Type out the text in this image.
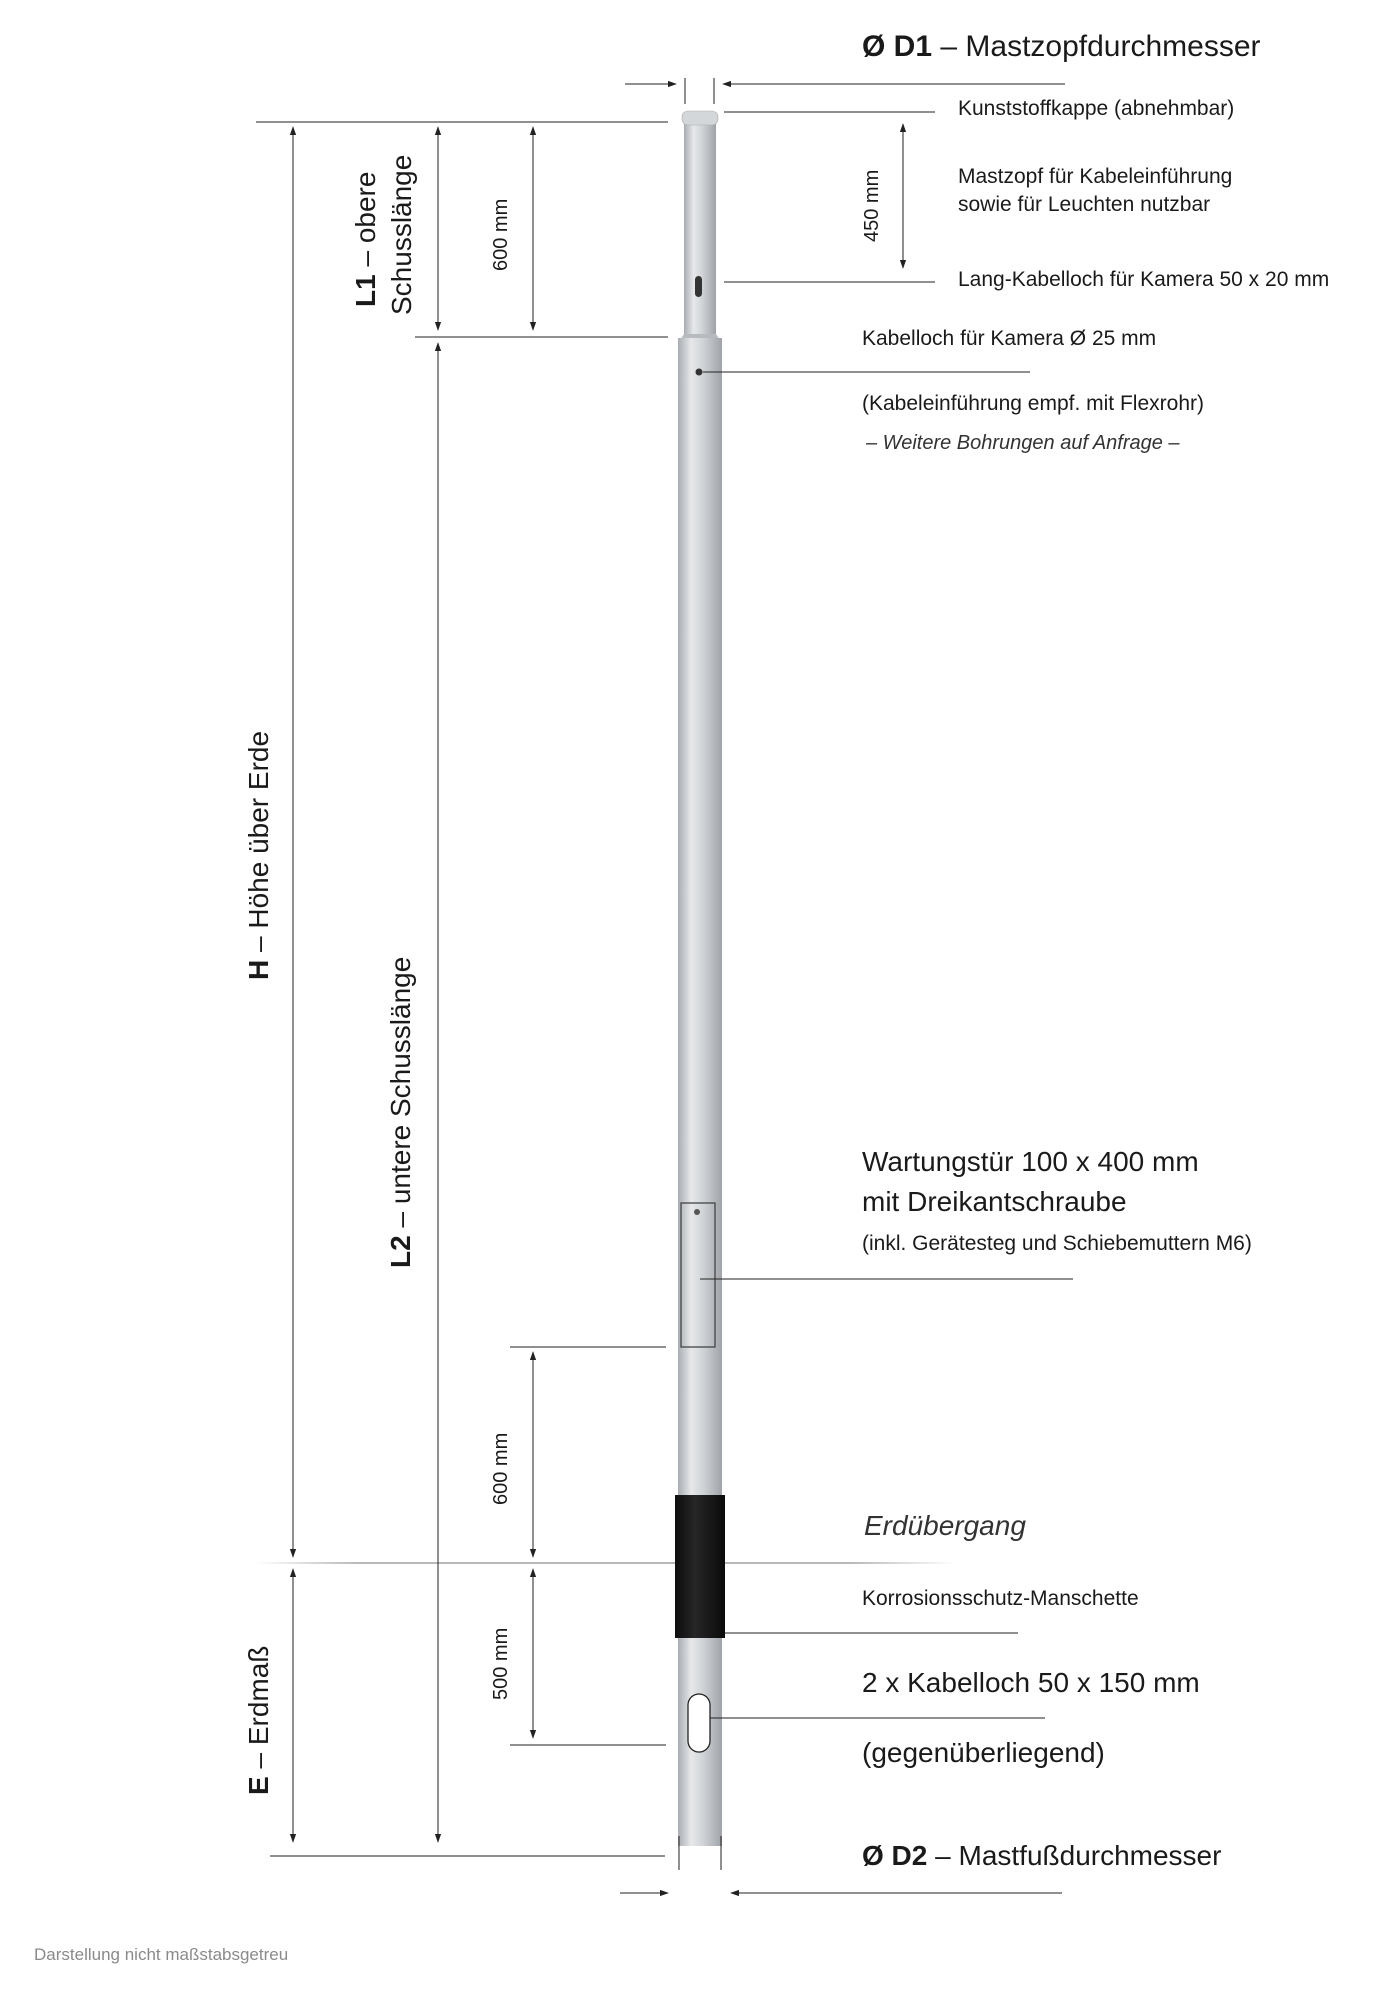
Ø D1 – Mastzopfdurchmesser
Kunststoffkappe (abnehmbar)
Mastzopf für Kabeleinführung
sowie für Leuchten nutzbar
Lang-Kabelloch für Kamera 50 x 20 mm
Kabelloch für Kamera Ø 25 mm
(Kabeleinführung empf. mit Flexrohr)
– Weitere Bohrungen auf Anfrage –
Wartungstür 100 x 400 mm
mit Dreikantschraube
(inkl. Gerätesteg und Schiebemuttern M6)
Erdübergang
Korrosionsschutz-Manschette
2 x Kabelloch 50 x 150 mm
(gegenüberliegend)
Ø D2 – Mastfußdurchmesser
H – Höhe über Erde
L1 – obere Schusslänge
L2 – untere Schusslänge
E – Erdmaß
600 mm	450 mm
600 mm
500 mm
Darstellung nicht maßstabsgetreu
